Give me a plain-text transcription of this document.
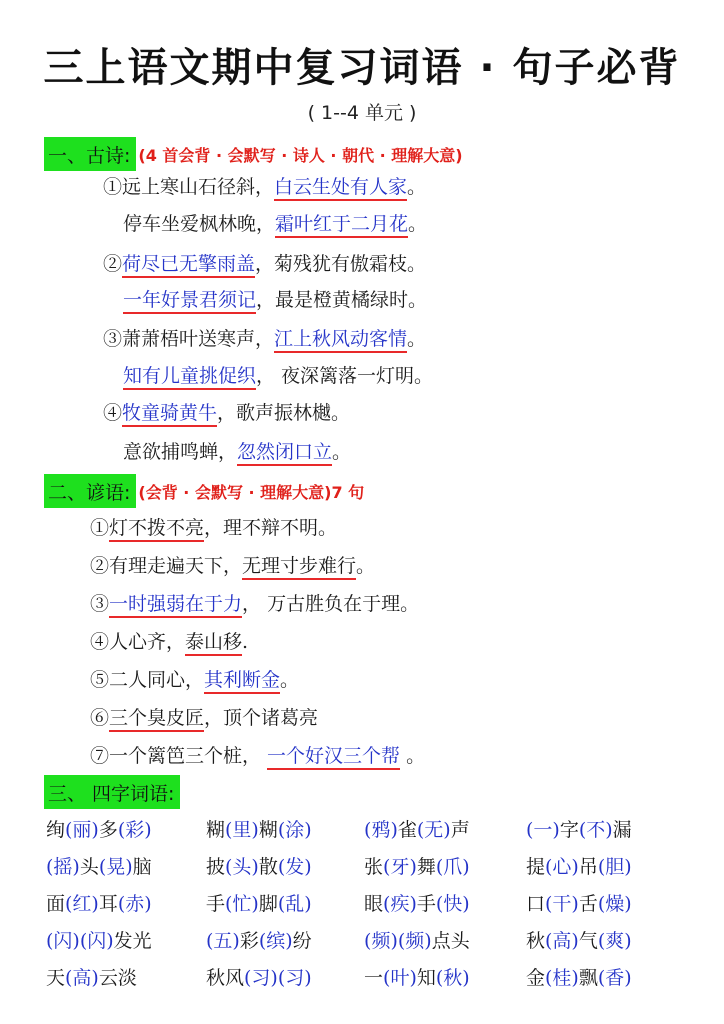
三上语文期中复习词语 · 句子必背
( 1--4 单元 )
一、古诗: (4 首会背 · 会默写 · 诗人 · 朝代 · 理解大意)
①远上寒山石径斜，白云生处有人家。
停车坐爱枫林晚，霜叶红于二月花。
②荷尽已无擎雨盖，菊残犹有傲霜枝。
一年好景君须记，最是橙黄橘绿时。
③萧萧梧叶送寒声，江上秋风动客情。
知有儿童挑促织， 夜深篱落一灯明。
④牧童骑黄牛，歌声振林樾。
意欲捕鸣蝉，忽然闭口立。
二、谚语: (会背 · 会默写 · 理解大意)7 句
①灯不拨不亮，理不辩不明。
②有理走遍天下，无理寸步难行。
③一时强弱在于力， 万古胜负在于理。
④人心齐，泰山移.
⑤二人同心，其利断金。
⑥三个臭皮匠，顶个诸葛亮
⑦一个篱笆三个桩， 一个好汉三个帮 。
三、 四字词语:
绚(丽)多(彩)	糊(里)糊(涂)	(鸦)雀(无)声	(一)字(不)漏
(摇)头(晃)脑	披(头)散(发)	张(牙)舞(爪)	提(心)吊(胆)
面(红)耳(赤)	手(忙)脚(乱)	眼(疾)手(快)	口(干)舌(燥)
(闪)(闪)发光	(五)彩(缤)纷	(频)(频)点头	秋(高)气(爽)
天(高)云淡	秋风(习)(习)	一(叶)知(秋)	金(桂)飘(香)
